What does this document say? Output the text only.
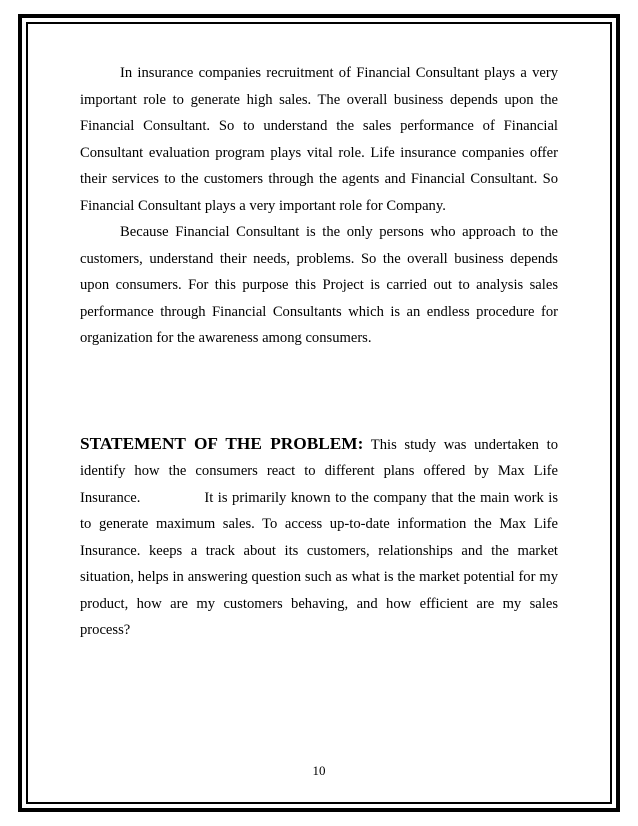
In insurance companies recruitment of Financial Consultant plays a very important role to generate high sales. The overall business depends upon the Financial Consultant. So to understand the sales performance of Financial Consultant evaluation program plays vital role. Life insurance companies offer their services to the customers through the agents and Financial Consultant. So Financial Consultant plays a very important role for Company.

Because Financial Consultant is the only persons who approach to the customers, understand their needs, problems. So the overall business depends upon consumers. For this purpose this Project is carried out to analysis sales performance through Financial Consultants which is an endless procedure for organization for the awareness among consumers.

STATEMENT OF THE PROBLEM: This study was undertaken to identify how the consumers react to different plans offered by Max Life Insurance.	It is primarily known to the company that the main work is to generate maximum sales. To access up-to-date information the Max Life Insurance. keeps a track about its customers, relationships and the market situation, helps in answering question such as what is the market potential for my product, how are my customers behaving, and how efficient are my sales process?

10
